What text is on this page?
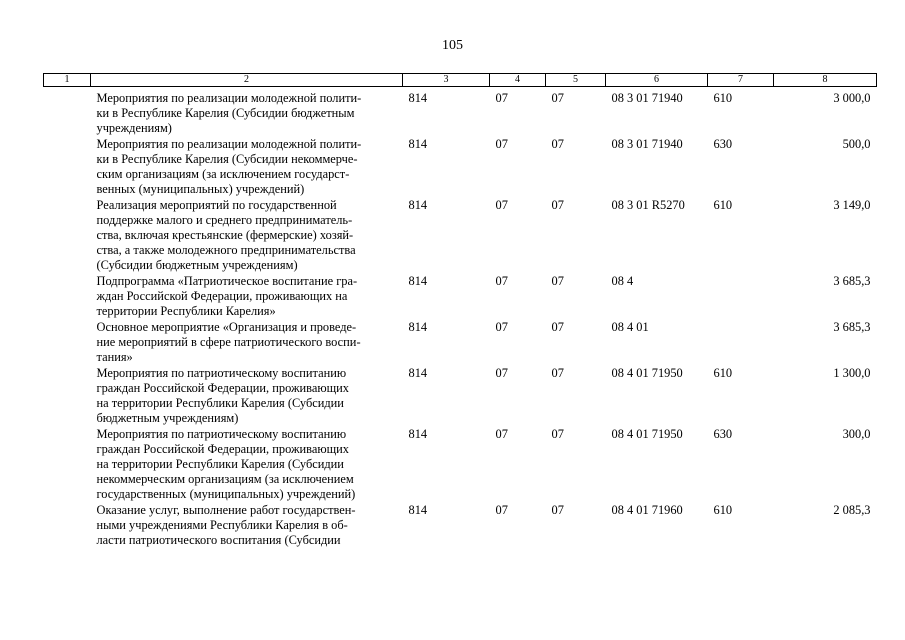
105
1	2	3	4	5	6	7	8

	Мероприятия по реализации молодежной полити-
ки в Республике Карелия (Субсидии бюджетным
учреждениям)	814	07	07	08 3 01 71940	610	3 000,0

	Мероприятия по реализации молодежной полити-
ки в Республике Карелия (Субсидии некоммерче-
ским организациям (за исключением государст-
венных (муниципальных) учреждений)	814	07	07	08 3 01 71940	630	500,0

	Реализация мероприятий по государственной
поддержке малого и среднего предприниматель-
ства, включая крестьянские (фермерские) хозяй-
ства, а также молодежного предпринимательства
(Субсидии бюджетным учреждениям)	814	07	07	08 3 01 R5270	610	3 149,0

	Подпрограмма «Патриотическое воспитание гра-
ждан Российской Федерации, проживающих на
территории Республики Карелия»	814	07	07	08 4		3 685,3

	Основное мероприятие «Организация и проведе-
ние мероприятий в сфере патриотического воспи-
тания»	814	07	07	08 4 01		3 685,3

	Мероприятия по патриотическому воспитанию
граждан Российской Федерации, проживающих
на территории Республики Карелия (Субсидии
бюджетным учреждениям)	814	07	07	08 4 01 71950	610	1 300,0

	Мероприятия по патриотическому воспитанию
граждан Российской Федерации, проживающих
на территории Республики Карелия (Субсидии
некоммерческим организациям (за исключением
государственных (муниципальных) учреждений)	814	07	07	08 4 01 71950	630	300,0

	Оказание услуг, выполнение работ государствен-
ными учреждениями Республики Карелия в об-
ласти патриотического воспитания (Субсидии	814	07	07	08 4 01 71960	610	2 085,3
